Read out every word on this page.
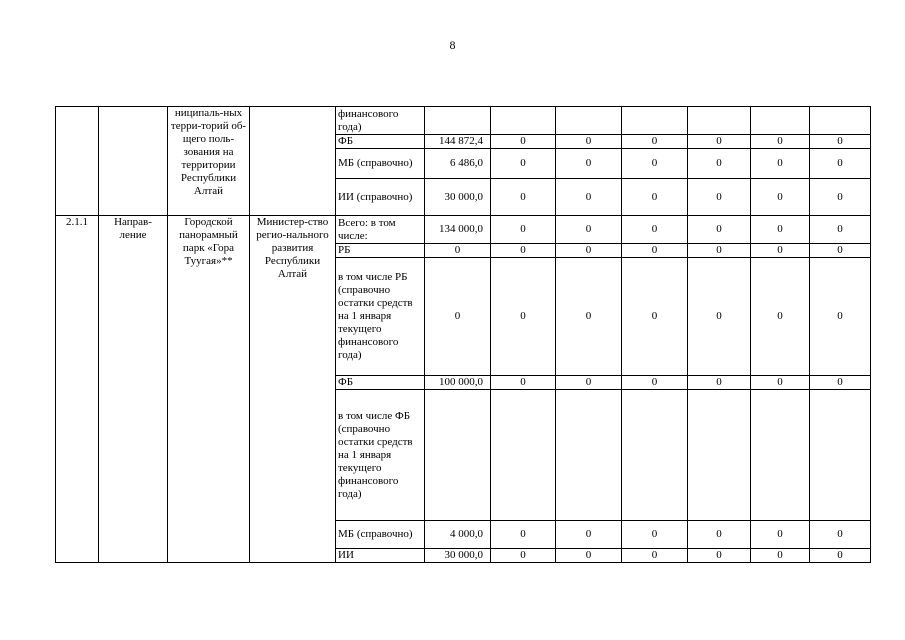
8
		ниципаль-ных терри-торий об-щего поль-зования на территории Республики Алтай		финансового года)							
				ФБ	144 872,4	0	0	0	0	0	0
				МБ (справочно)	6 486,0	0	0	0	0	0	0
				ИИ (справочно)	30 000,0	0	0	0	0	0	0
2.1.1	Направ-ление	Городской панорамный парк «Гора Туугая»**	Министер-ство регио-нального развития Республики Алтай	Всего: в том числе:	134 000,0	0	0	0	0	0	0
				РБ	0	0	0	0	0	0	0
				в том числе РБ (справочно остатки средств на 1 января текущего финансового года)	0	0	0	0	0	0	0
				ФБ	100 000,0	0	0	0	0	0	0
				в том числе ФБ (справочно остатки средств на 1 января текущего финансового года)							
				МБ (справочно)	4 000,0	0	0	0	0	0	0
				ИИ	30 000,0	0	0	0	0	0	0
